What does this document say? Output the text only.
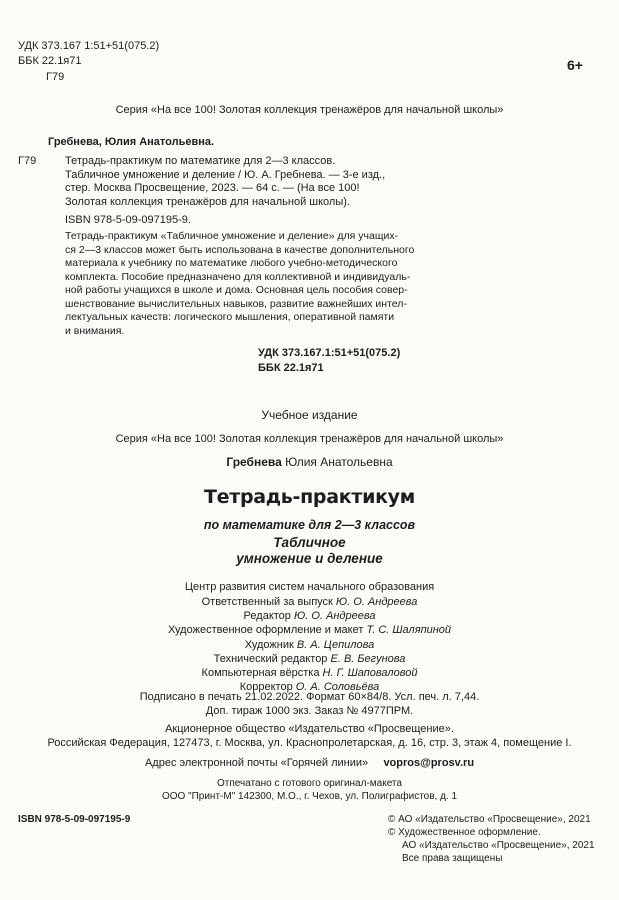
УДК 373.167 1:51+51(075.2)
ББК 22.1я71
Г79
6+
Серия «На все 100! Золотая коллекция тренажёров для начальной школы»
Гребнева, Юлия Анатольевна.
Г79	Тетрадь-практикум по математике для 2—3 классов.
Табличное умножение и деление / Ю. А. Гребнева. — 3-е изд.,
стер. Москва Просвещение, 2023. — 64 с. — (На все 100!
Золотая коллекция тренажёров для начальной школы).
ISBN 978-5-09-097195-9.
Тетрадь-практикум «Табличное умножение и деление» для учащих-
ся 2—3 классов может быть использована в качестве дополнительного
материала к учебнику по математике любого учебно-методического
комплекта. Пособие предназначено для коллективной и индивидуаль-
ной работы учащихся в школе и дома. Основная цель пособия совер-
шенствование вычислительных навыков, развитие важнейших интел-
лектуальных качеств: логического мышления, оперативной памяти
и внимания.
УДК 373.167.1:51+51(075.2)
ББК 22.1я71
Учебное издание
Серия «На все 100! Золотая коллекция тренажёров для начальной школы»
Гребнева Юлия Анатольевна
Тетрадь-практикум
по математике для 2—3 классов
Табличное
умножение и деление
Центр развития систем начального образования
Ответственный за выпуск Ю. О. Андреева
Редактор Ю. О. Андреева
Художественное оформление и макет Т. С. Шаляпиной
Художник В. А. Цепилова
Технический редактор Е. В. Бегунова
Компьютерная вёрстка Н. Г. Шаповаловой
Корректор О. А. Соловьёва
Подписано в печать 21.02.2022. Формат 60×84/8. Усл. печ. л. 7,44.
Доп. тираж 1000 экз. Заказ № 4977ПРМ.
Акционерное общество «Издательство «Просвещение».
Российская Федерация, 127473, г. Москва, ул. Краснопролетарская, д. 16, стр. 3, этаж 4, помещение I.
Адрес электронной почты «Горячей линии» vopros@prosv.ru
Отпечатано с готового оригинал-макета
ООО "Принт-М" 142300, М.О., г. Чехов, ул. Полиграфистов, д. 1
ISBN 978-5-09-097195-9	© АО «Издательство «Просвещение», 2021
© Художественное оформление.
АО «Издательство «Просвещение», 2021
Все права защищены
